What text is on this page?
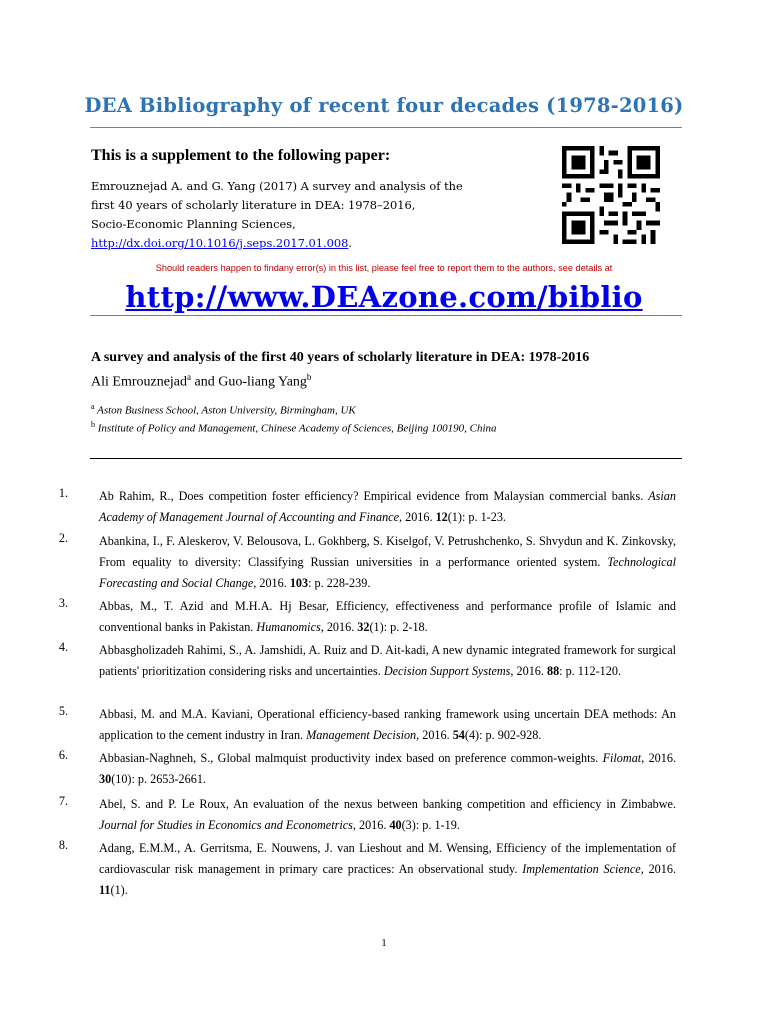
DEA Bibliography of recent four decades (1978-2016)
This is a supplement to the following paper:
Emrouznejad A. and G. Yang (2017) A survey and analysis of the
first 40 years of scholarly literature in DEA: 1978–2016,
Socio-Economic Planning Sciences,
http://dx.doi.org/10.1016/j.seps.2017.01.008.
Should readers happen to findany error(s) in this list, please feel free to report them to the authors, see details at
http://www.DEAzone.com/biblio
A survey and analysis of the first 40 years of scholarly literature in DEA: 1978-2016
Ali Emrouznejad$^a$ and Guo-liang Yang$^b$
$^a$ Aston Business School, Aston University, Birmingham, UK
$^b$ Institute of Policy and Management, Chinese Academy of Sciences, Beijing 100190, China
1.	Ab Rahim, R., Does competition foster efficiency? Empirical evidence from Malaysian commercial banks. Asian Academy of Management Journal of Accounting and Finance, 2016. 12(1): p. 1-23.
2.	Abankina, I., F. Aleskerov, V. Belousova, L. Gokhberg, S. Kiselgof, V. Petrushchenko, S. Shvydun and K. Zinkovsky, From equality to diversity: Classifying Russian universities in a performance oriented system. Technological Forecasting and Social Change, 2016. 103: p. 228-239.
3.	Abbas, M., T. Azid and M.H.A. Hj Besar, Efficiency, effectiveness and performance profile of Islamic and conventional banks in Pakistan. Humanomics, 2016. 32(1): p. 2-18.
4.	Abbasgholizadeh Rahimi, S., A. Jamshidi, A. Ruiz and D. Ait-kadi, A new dynamic integrated framework for surgical patients' prioritization considering risks and uncertainties. Decision Support Systems, 2016. 88: p. 112-120.
5.	Abbasi, M. and M.A. Kaviani, Operational efficiency-based ranking framework using uncertain DEA methods: An application to the cement industry in Iran. Management Decision, 2016. 54(4): p. 902-928.
6.	Abbasian-Naghneh, S., Global malmquist productivity index based on preference common-weights. Filomat, 2016. 30(10): p. 2653-2661.
7.	Abel, S. and P. Le Roux, An evaluation of the nexus between banking competition and efficiency in Zimbabwe. Journal for Studies in Economics and Econometrics, 2016. 40(3): p. 1-19.
8.	Adang, E.M.M., A. Gerritsma, E. Nouwens, J. van Lieshout and M. Wensing, Efficiency of the implementation of cardiovascular risk management in primary care practices: An observational study. Implementation Science, 2016. 11(1).
1
